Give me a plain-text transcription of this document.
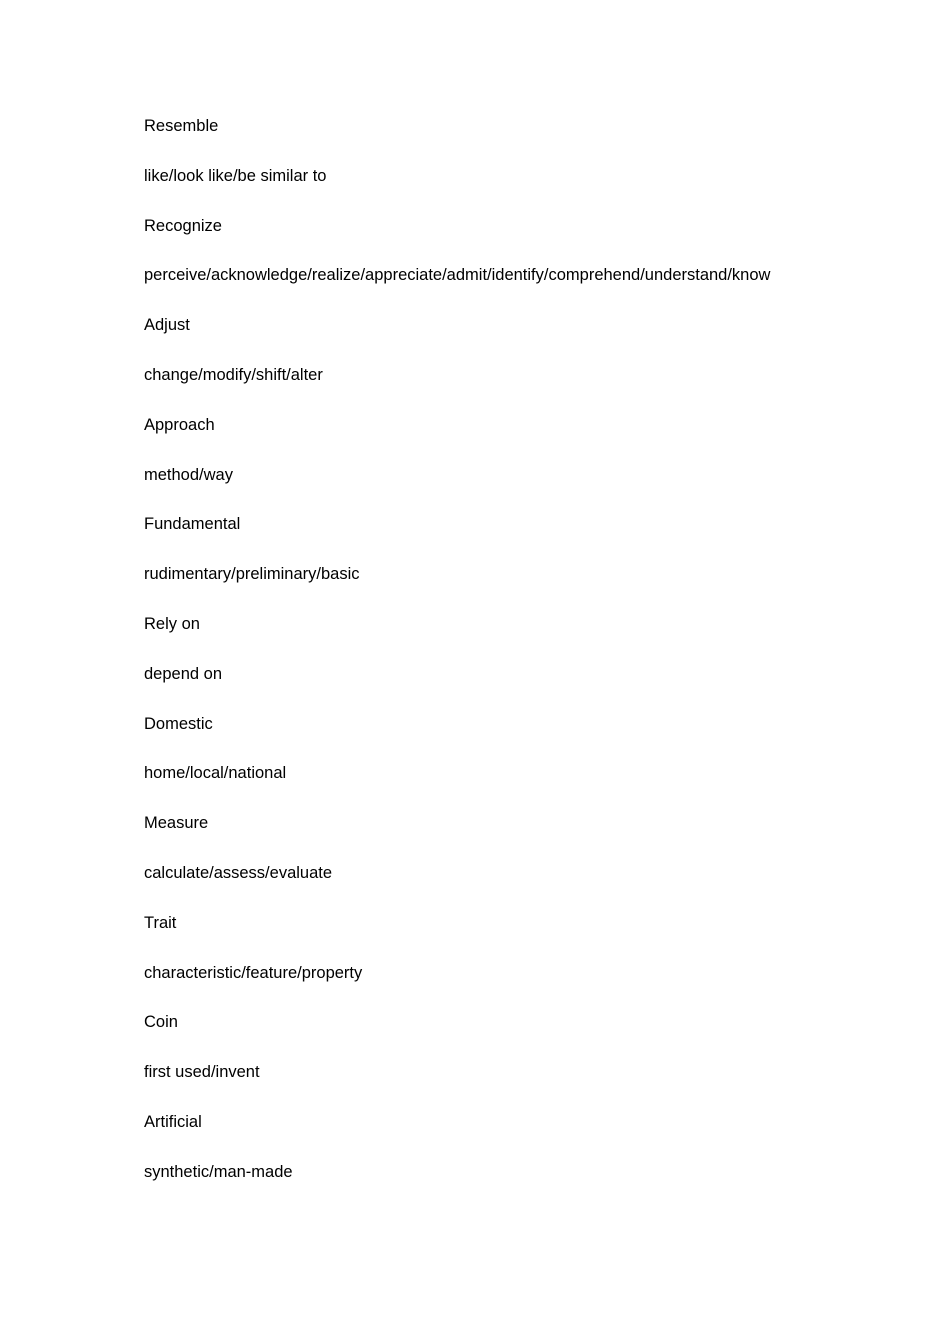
Resemble
like/look like/be similar to
Recognize
perceive/acknowledge/realize/appreciate/admit/identify/comprehend/understand/know
Adjust
change/modify/shift/alter
Approach
method/way
Fundamental
rudimentary/preliminary/basic
Rely on
depend on
Domestic
home/local/national
Measure
calculate/assess/evaluate
Trait
characteristic/feature/property
Coin
first used/invent
Artificial
synthetic/man-made
